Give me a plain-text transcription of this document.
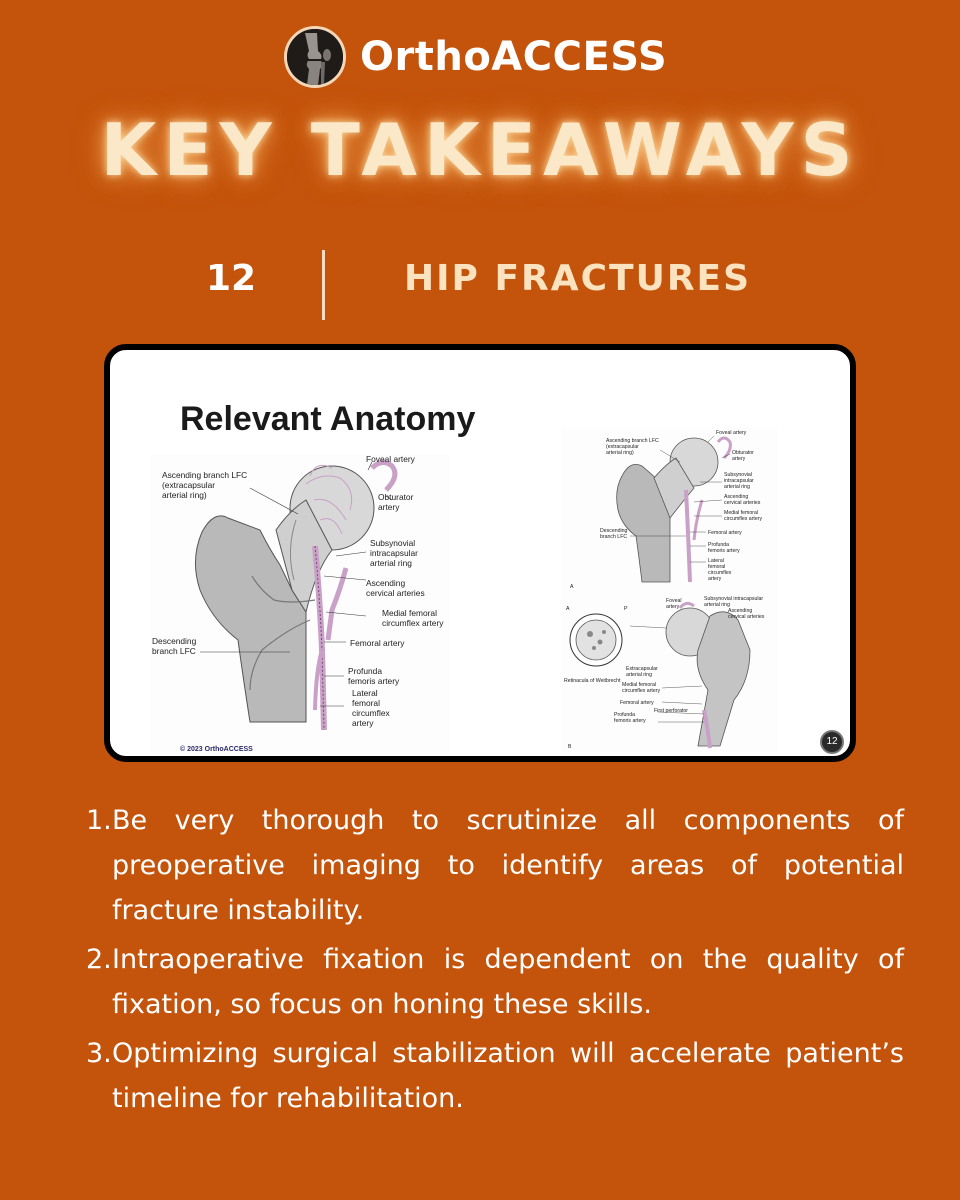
OrthoACCESS
KEY TAKEAWAYS
12	HIP FRACTURES
Relevant Anatomy
Foveal artery
Ascending branch LFC
(extracapsular
arterial ring)	Obturator
artery
Subsynovial
intracapsular
arterial ring
Ascending
cervical arteries
Medial femoral
circumflex artery
Descending
branch LFC
Femoral artery
Profunda
femoris artery
Lateral
femoral
circumflex
artery
Ascending branch LFC
(extracapsular
arterial ring)
Foveal artery
Obturator
artery
Subsynovial
intracapsular
arterial ring
Ascending
cervical arteries
Medial femoral
circumflex artery
Descending
branch LFC
Femoral artery
Profunda
femoris artery
Lateral
femoral
circumflex
artery
A
A	P
Foveal
artery
Subsynovial intracapsular
arterial ring
Ascending
cervical arteries
Extracapsular
arterial ring
Retinacula of Weitbrecht
Medial femoral
circumflex artery
Femoral artery
First perforator
Profunda
femoris artery
B
© 2023 OrthoACCESS
12
1. Be very thorough to scrutinize all components of preoperative imaging to identify areas of potential fracture instability.
2. Intraoperative fixation is dependent on the quality of fixation, so focus on honing these skills.
3. Optimizing surgical stabilization will accelerate patient’s timeline for rehabilitation.
